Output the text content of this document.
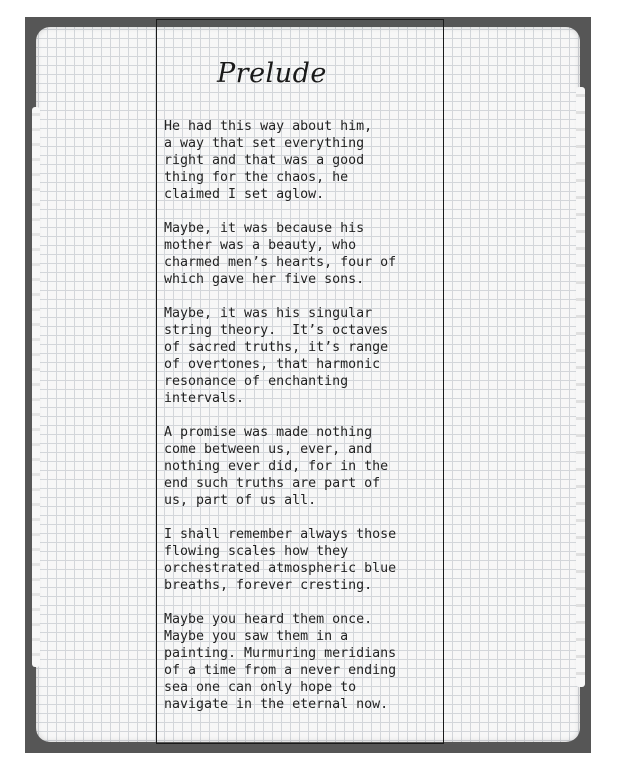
Prelude

He had this way about him,
a way that set everything
right and that was a good
thing for the chaos, he
claimed I set aglow.

Maybe, it was because his
mother was a beauty, who
charmed men’s hearts, four of
which gave her five sons.

Maybe, it was his singular
string theory.  It’s octaves
of sacred truths, it’s range
of overtones, that harmonic
resonance of enchanting
intervals.

A promise was made nothing
come between us, ever, and
nothing ever did, for in the
end such truths are part of
us, part of us all.

I shall remember always those
flowing scales how they
orchestrated atmospheric blue
breaths, forever cresting.

Maybe you heard them once.
Maybe you saw them in a
painting. Murmuring meridians
of a time from a never ending
sea one can only hope to
navigate in the eternal now.
